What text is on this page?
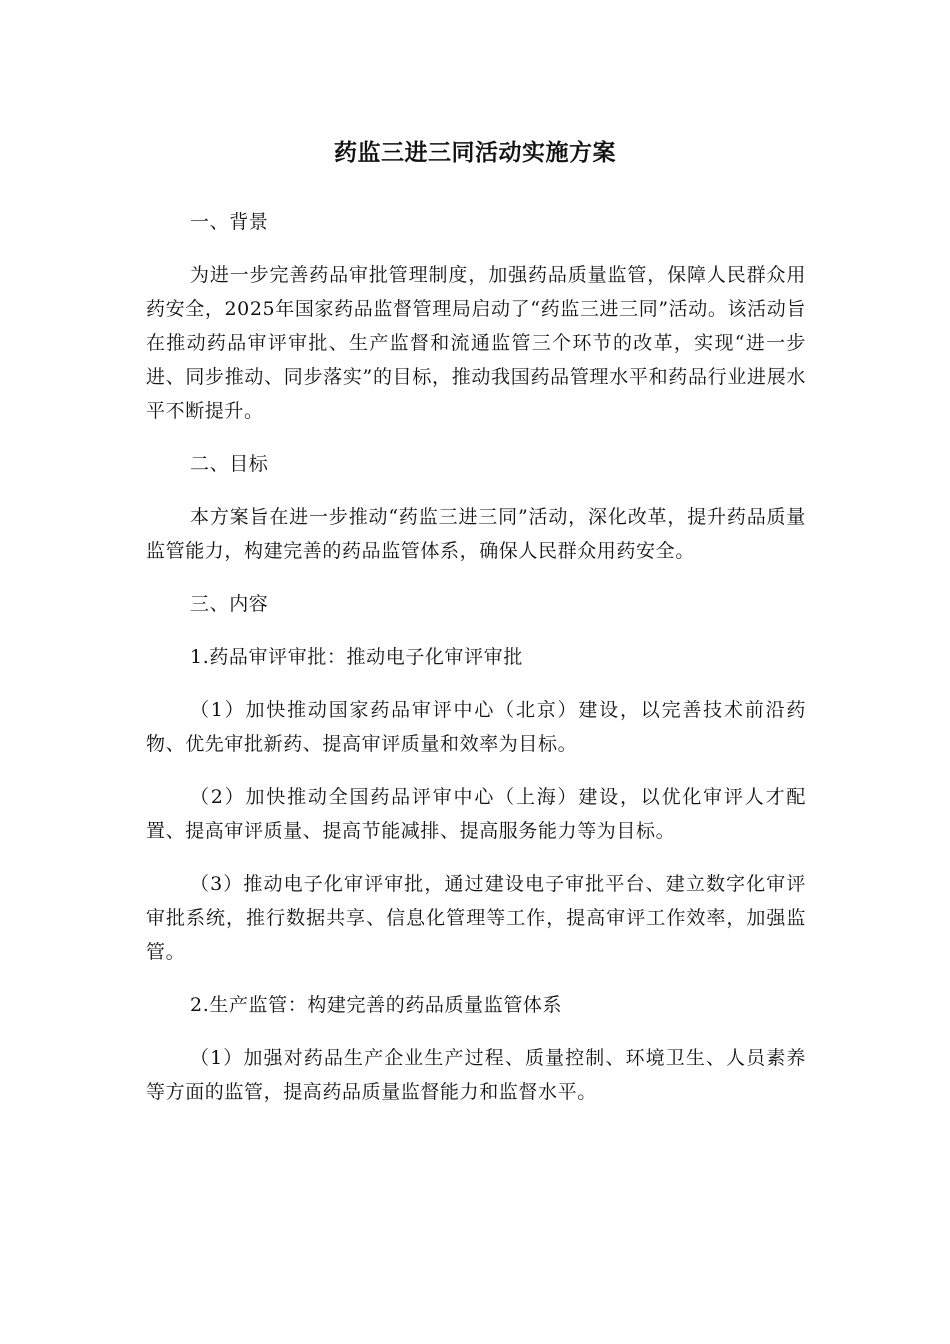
药监三进三同活动实施方案

一、背景

为进一步完善药品审批管理制度，加强药品质量监管，保障人民群众用药安全，2025年国家药品监督管理局启动了“药监三进三同”活动。该活动旨在推动药品审评审批、生产监督和流通监管三个环节的改革，实现“进一步进、同步推动、同步落实”的目标，推动我国药品管理水平和药品行业进展水平不断提升。

二、目标

本方案旨在进一步推动“药监三进三同”活动，深化改革，提升药品质量监管能力，构建完善的药品监管体系，确保人民群众用药安全。

三、内容

1.药品审评审批：推动电子化审评审批

（1）加快推动国家药品审评中心（北京）建设，以完善技术前沿药物、优先审批新药、提高审评质量和效率为目标。

（2）加快推动全国药品评审中心（上海）建设，以优化审评人才配置、提高审评质量、提高节能减排、提高服务能力等为目标。

（3）推动电子化审评审批，通过建设电子审批平台、建立数字化审评审批系统，推行数据共享、信息化管理等工作，提高审评工作效率，加强监管。

2.生产监管：构建完善的药品质量监管体系

（1）加强对药品生产企业生产过程、质量控制、环境卫生、人员素养等方面的监管，提高药品质量监督能力和监督水平。
